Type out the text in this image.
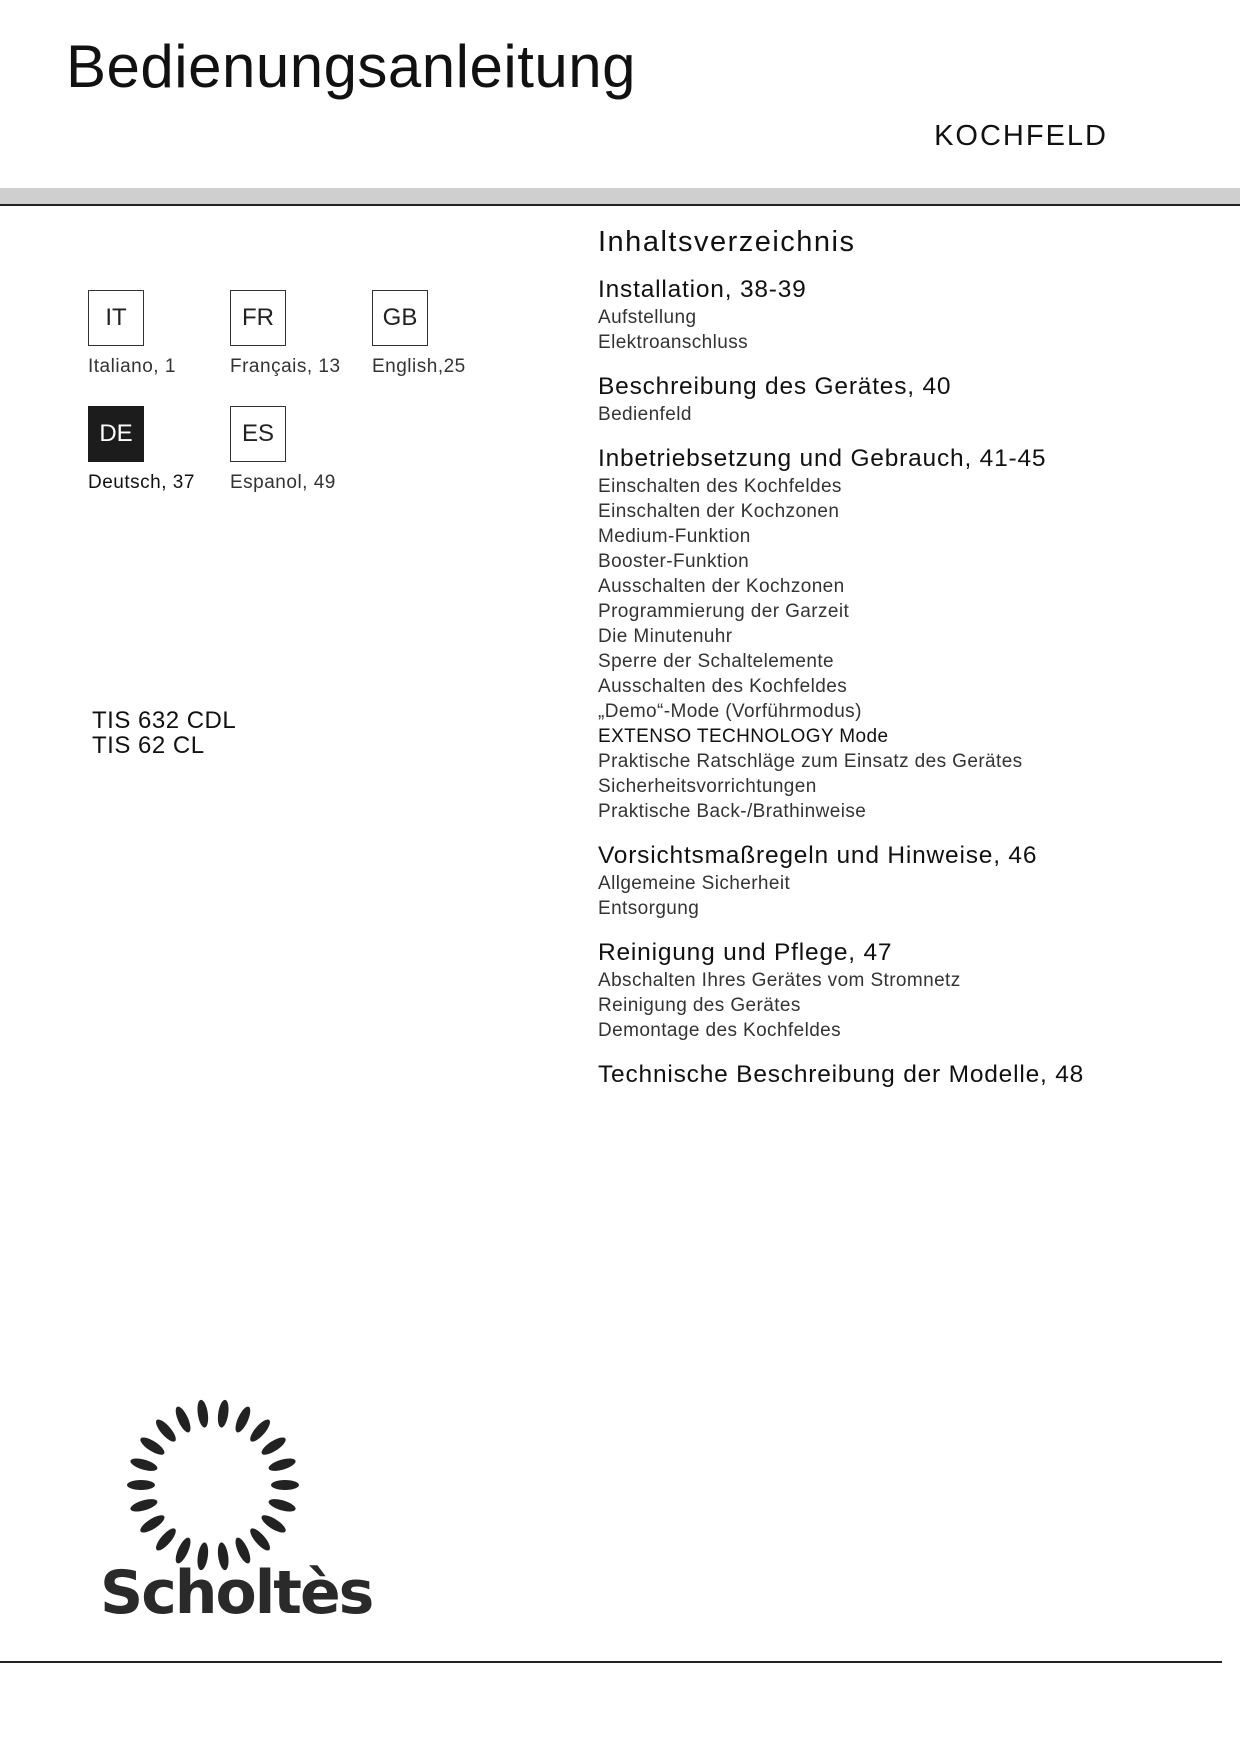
Bedienungsanleitung
KOCHFELD
IT
Italiano, 1
FR
Français, 13
GB
English,25
DE
Deutsch, 37
ES
Espanol, 49
TIS 632 CDL
TIS 62 CL
Inhaltsverzeichnis
Installation, 38-39
Aufstellung
Elektroanschluss
Beschreibung des Gerätes, 40
Bedienfeld
Inbetriebsetzung und Gebrauch, 41-45
Einschalten des Kochfeldes
Einschalten der Kochzonen
Medium-Funktion
Booster-Funktion
Ausschalten der Kochzonen
Programmierung der Garzeit
Die Minutenuhr
Sperre der Schaltelemente
Ausschalten des Kochfeldes
„Demo“-Mode (Vorführmodus)
EXTENSO TECHNOLOGY Mode
Praktische Ratschläge zum Einsatz des Gerätes
Sicherheitsvorrichtungen
Praktische Back-/Brathinweise
Vorsichtsmaßregeln und Hinweise, 46
Allgemeine Sicherheit
Entsorgung
Reinigung und Pflege, 47
Abschalten Ihres Gerätes vom Stromnetz
Reinigung des Gerätes
Demontage des Kochfeldes
Technische Beschreibung der Modelle, 48
Scholtès
